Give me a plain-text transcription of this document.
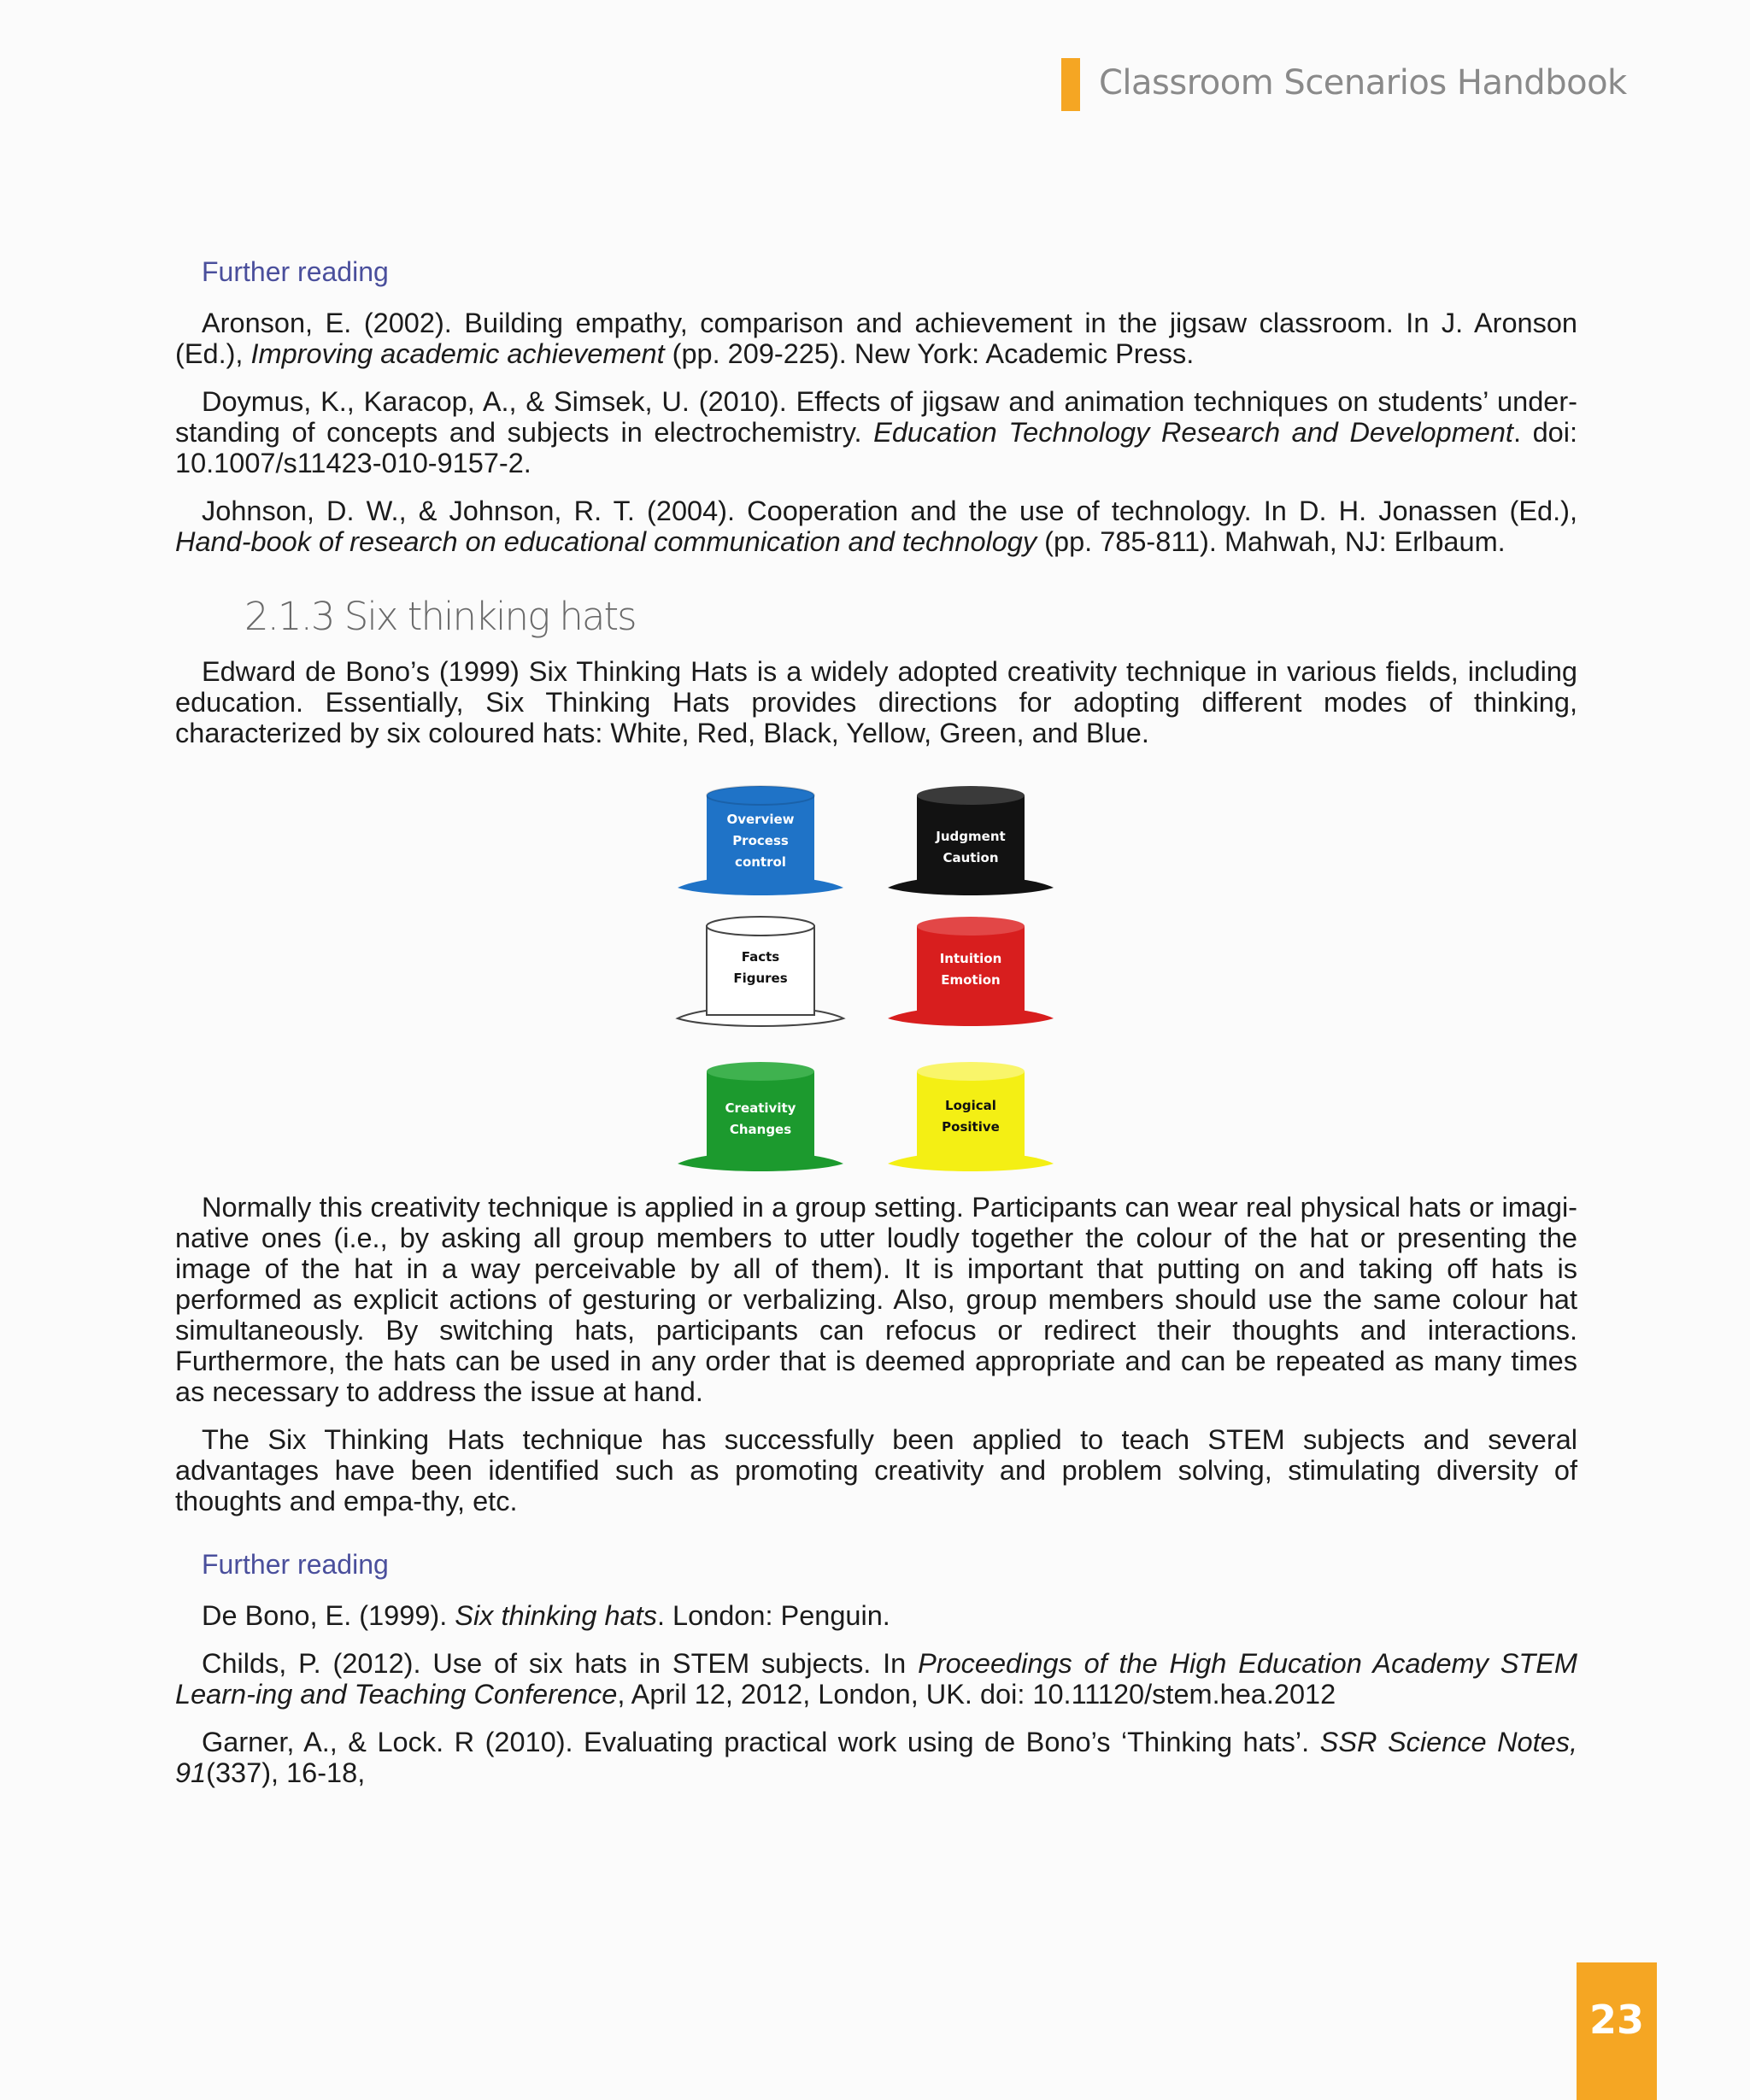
Classroom Scenarios Handbook
Further reading

Aronson, E. (2002). Building empathy, comparison and achievement in the jigsaw classroom. In J. Aronson (Ed.), Improving academic achievement (pp. 209-225). New York: Academic Press.

Doymus, K., Karacop, A., & Simsek, U. (2010). Effects of jigsaw and animation techniques on students’ under-standing of concepts and subjects in electrochemistry. Education Technology Research and Development. doi: 10.1007/s11423-010-9157-2.

Johnson, D. W., & Johnson, R. T. (2004). Cooperation and the use of technology. In D. H. Jonassen (Ed.), Hand-book of research on educational communication and technology (pp. 785-811). Mahwah, NJ: Erlbaum.

2.1.3 Six thinking hats

Edward de Bono’s (1999) Six Thinking Hats is a widely adopted creativity technique in various fields, including education. Essentially, Six Thinking Hats provides directions for adopting different modes of thinking, characterized by six coloured hats: White, Red, Black, Yellow, Green, and Blue.

Overview
Process
control
Judgment
Caution
Facts
Figures
Intuition
Emotion
Creativity
Changes
Logical
Positive

Normally this creativity technique is applied in a group setting. Participants can wear real physical hats or imagi-native ones (i.e., by asking all group members to utter loudly together the colour of the hat or presenting the image of the hat in a way perceivable by all of them). It is important that putting on and taking off hats is performed as explicit actions of gesturing or verbalizing. Also, group members should use the same colour hat simultaneously. By switching hats, participants can refocus or redirect their thoughts and interactions. Furthermore, the hats can be used in any order that is deemed appropriate and can be repeated as many times as necessary to address the issue at hand.

The Six Thinking Hats technique has successfully been applied to teach STEM subjects and several advantages have been identified such as promoting creativity and problem solving, stimulating diversity of thoughts and empa-thy, etc.

Further reading

De Bono, E. (1999). Six thinking hats. London: Penguin.

Childs, P. (2012). Use of six hats in STEM subjects. In Proceedings of the High Education Academy STEM Learn-ing and Teaching Conference, April 12, 2012, London, UK. doi: 10.11120/stem.hea.2012

Garner, A., & Lock. R (2010). Evaluating practical work using de Bono’s ‘Thinking hats’. SSR Science Notes, 91(337), 16-18,

23
